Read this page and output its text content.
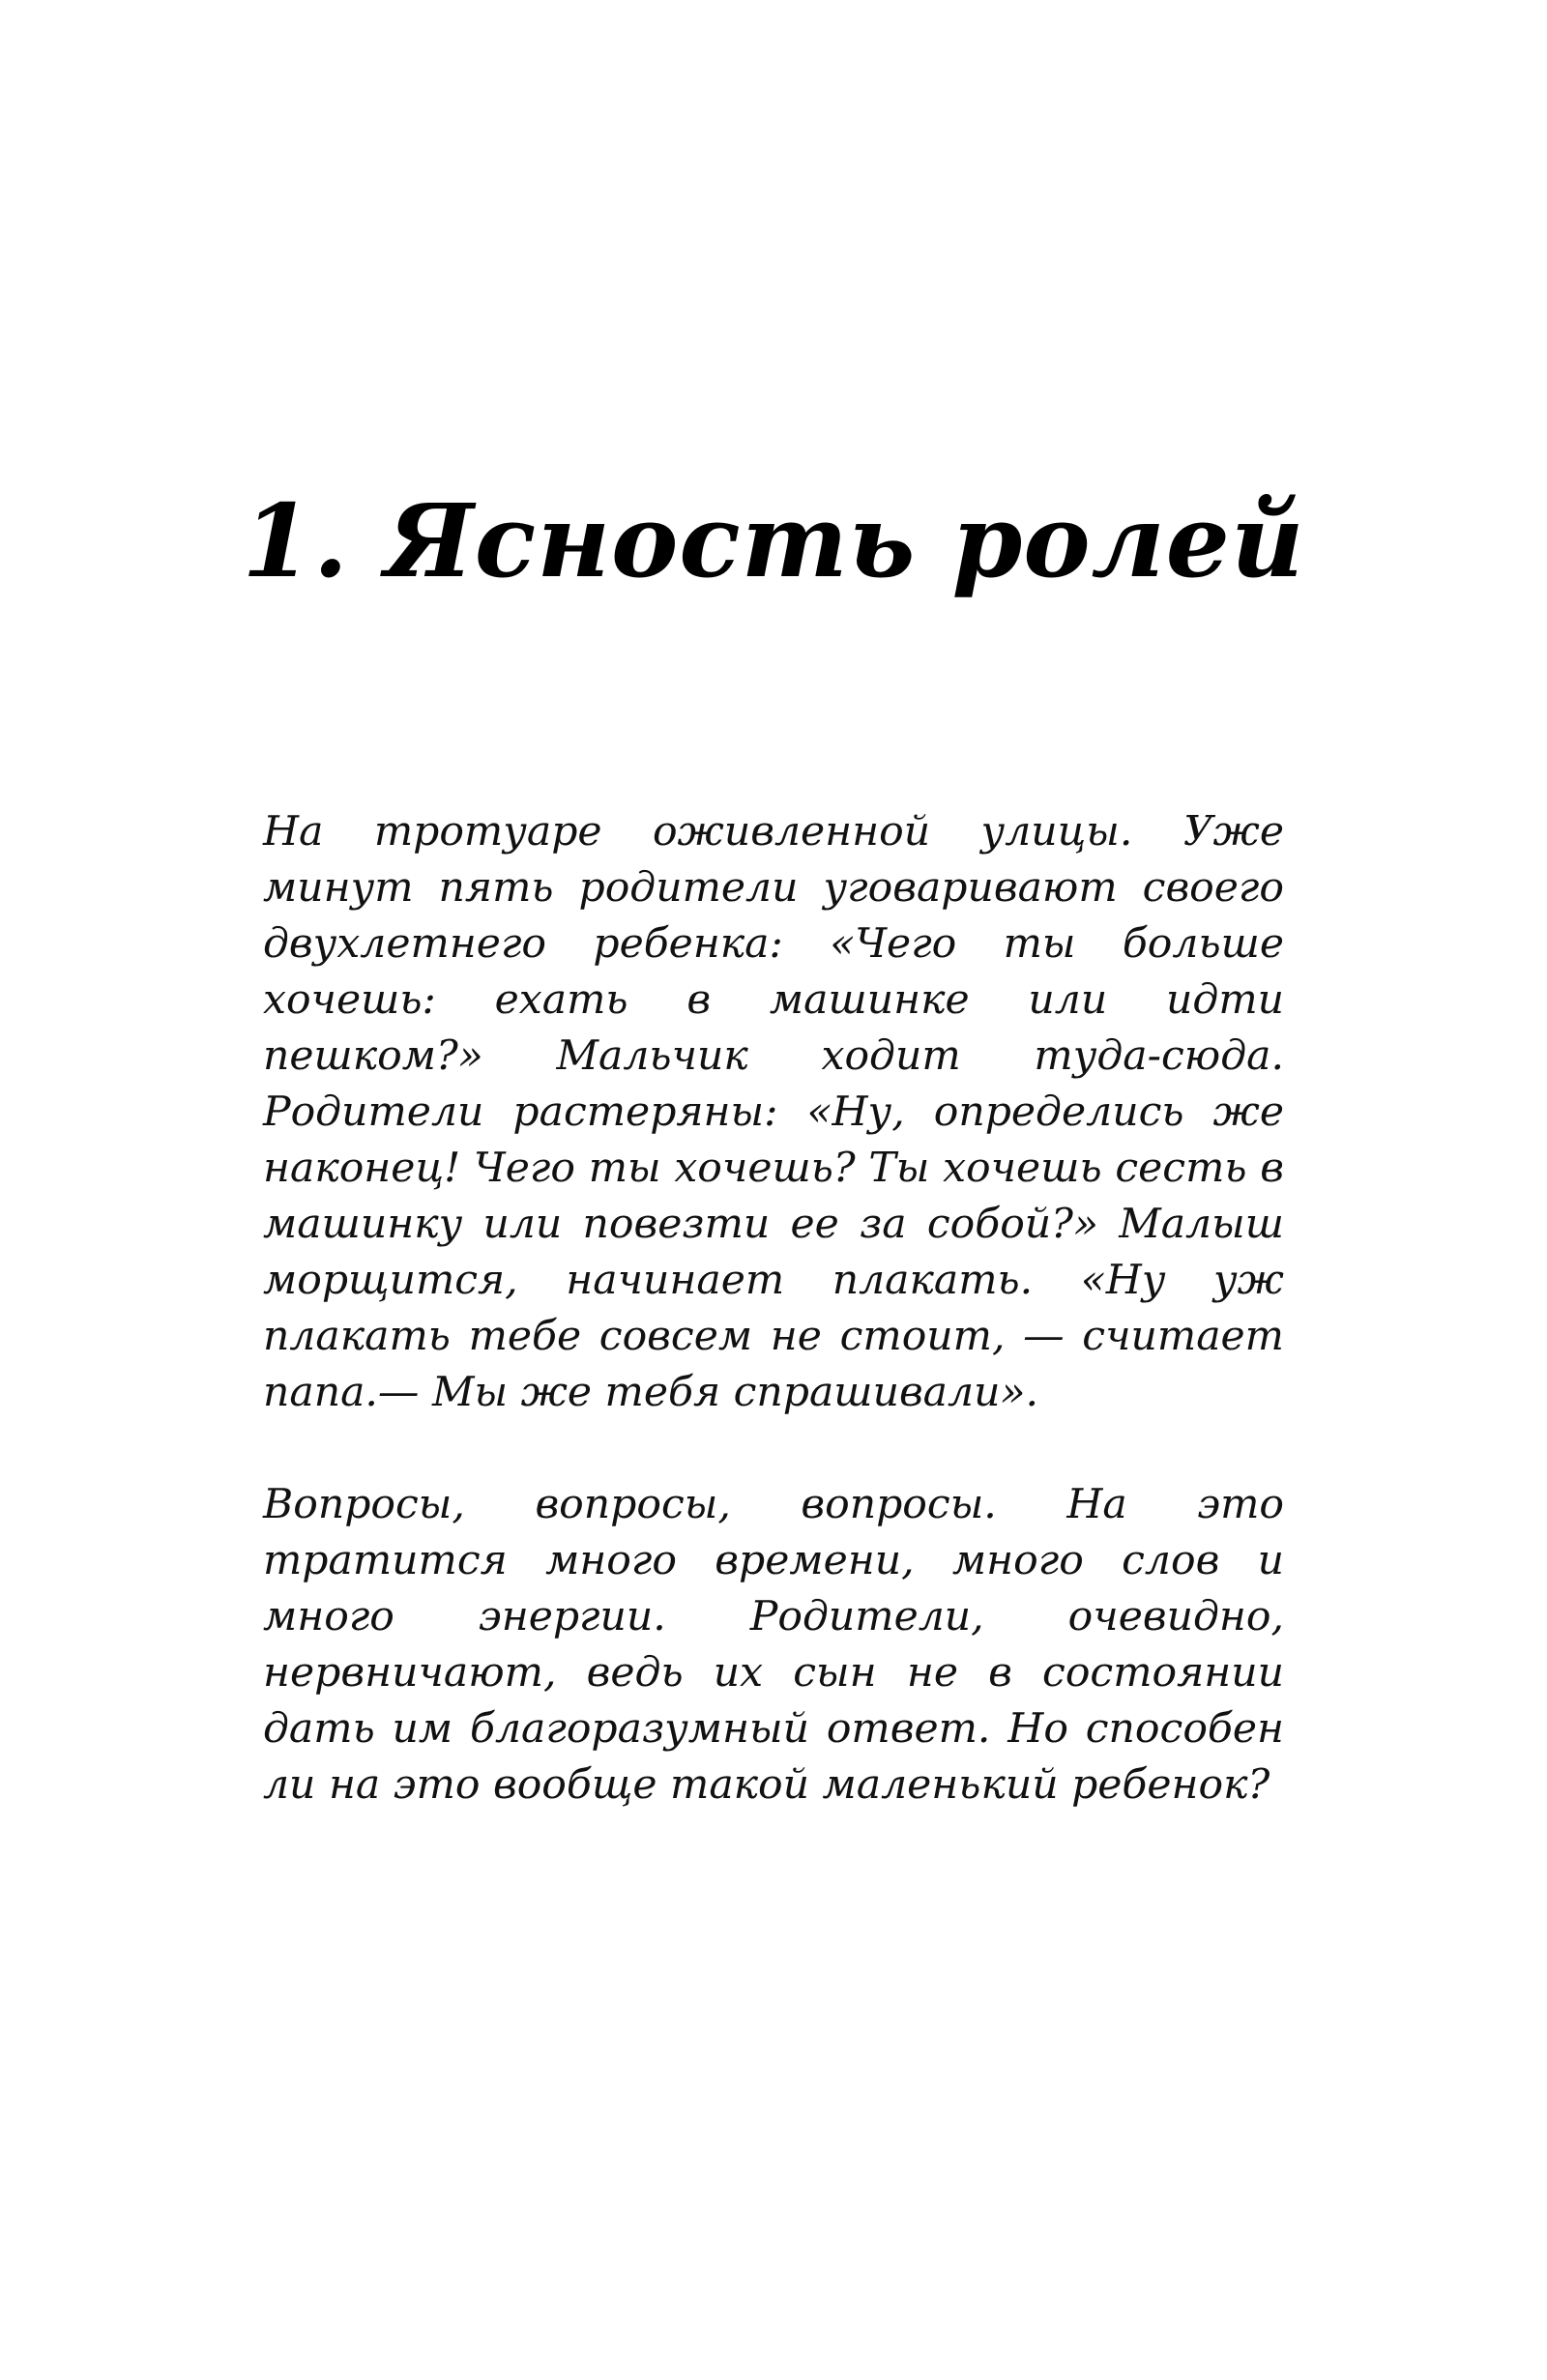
1. Ясность ролей

На тротуаре оживленной улицы. Уже минут пять родители уговаривают своего двухлетнего ребенка: «Чего ты больше хочешь: ехать в машинке или идти пешком?» Мальчик ходит туда-сюда. Родители растеряны: «Ну, определись же наконец! Чего ты хочешь? Ты хочешь сесть в машинку или повезти ее за собой?» Малыш морщится, начинает плакать. «Ну уж плакать тебе совсем не стоит, — считает папа.— Мы же тебя спрашивали».

Вопросы, вопросы, вопросы. На это тратится много времени, много слов и много энергии. Родители, очевидно, нервничают, ведь их сын не в состоянии дать им благоразумный ответ. Но способен ли на это вообще такой маленький ребенок?
